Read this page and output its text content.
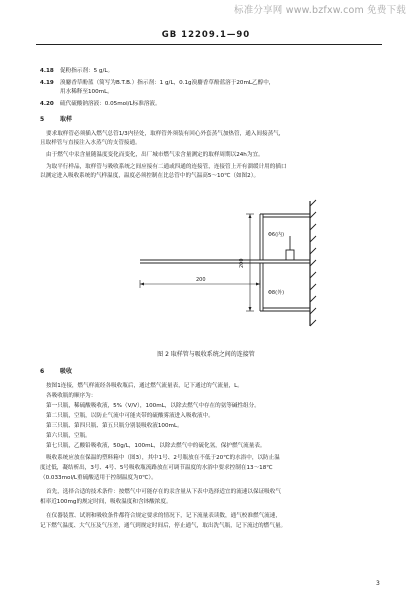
标准分享网 www.bzfxw.com 免费下载
GB 12209.1—90
4.18 促粉指示剂：5 g/L。
4.19 溴麝香草酚蓝（简写为B.T.B.）指示剂：1 g/L，0.1g溴麝香草酚蓝溶于20mL乙醇中，
用水稀释至100mL。
4.20 硫代硫酸钠溶液：0.05mol/L标准溶液。
5	取样
要求取样管必须插入燃气总管1/3内径处，取样管外须装有回心外套蒸气加热管，通入间接蒸气，
且取样管与直接注入水蒸气的支管接通。
由于燃气中汞含量随温度变化而变化，出厂城市燃气汞含量测定的取样周期以24h为宜。
为取平行样品，取样管与吸收系统之间应接有二通或四通的连接管，连接管上开有溜缓计用的插口
以测定进入吸收系统的气样温度，温度必须控制在比总管中的气温高5～10℃（如图2）。
200
200
Φ6(内)
Φ8(外)
图 2 取样管与吸收系统之间的连接管
6	吸收
按图1连接，燃气样流经各吸收瓶后，通过燃气流量表，记下通过的气流量，L。
各吸收瓶的顺序为：
第一只瓶，稀硫酸吸收液，5%（V/V），100mL，以除去燃气中存在的氨等碱性组分。
第二只瓶，空瓶，以防止气流中可能夹带的硫酸雾液进入吸收液中。
第三只瓶、第四只瓶、第五只瓶分别装吸收液100mL。
第六只瓶，空瓶。
第七只瓶，乙酸铅吸收液，50g/L，100mL，以除去燃气中的硫化氢，保护燃气流量表。
吸收系统应放在保温的塑料箱中（图3），其中1号、2号瓶放在不低于20℃的水浴中，以防止温
度过低，凝结析出，3号、4号、5号吸收瓶流路放在可调节温度的水浴中要求控制在13～18℃
（0.033mol/L重硫酸适用于控制温度为0℃）。
首先，选择合适的技术条件：按燃气中可能存在的汞含量从下表中选择适宜的流速以保证吸收气
相率近100mg的规定时间，吸收温度和含钵酸浓度。
在仪器装置、试剂和吸收条件都符合规定要求的情况下，记下流量表读数，通气校准燃气流速，
记下燃气温度、大气压及气压差，通气到规定时间后，停止通气，取出洗气瓶，记下流过的燃气量。
3
